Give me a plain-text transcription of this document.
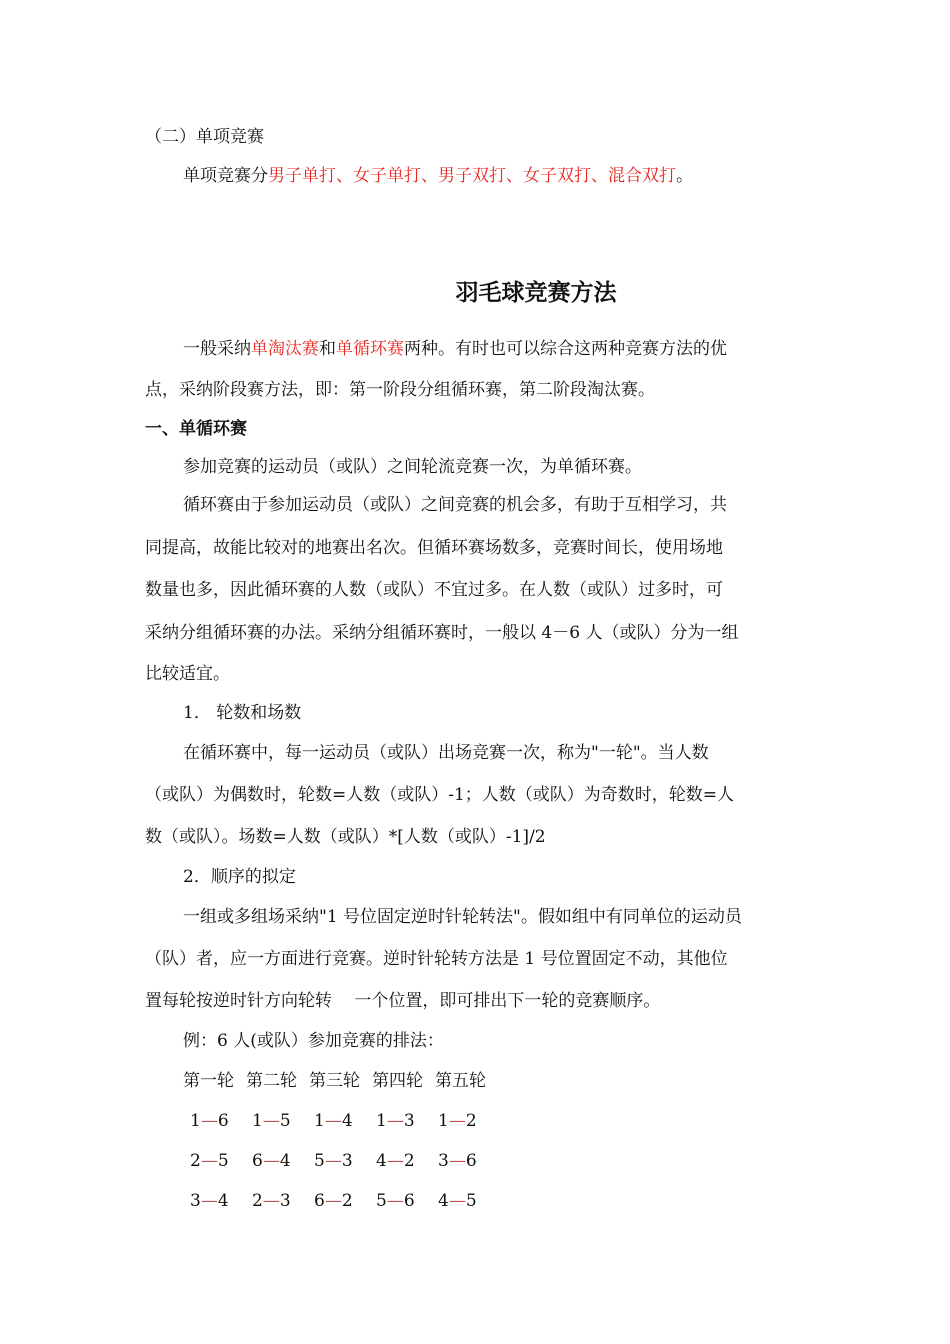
（二）单项竞赛
单项竞赛分男子单打、女子单打、男子双打、女子双打、混合双打。
羽毛球竞赛方法
一般采纳单淘汰赛和单循环赛两种。有时也可以综合这两种竞赛方法的优
点，采纳阶段赛方法，即：第一阶段分组循环赛，第二阶段淘汰赛。
一、单循环赛
参加竞赛的运动员（或队）之间轮流竞赛一次，为单循环赛。
循环赛由于参加运动员（或队）之间竞赛的机会多，有助于互相学习，共
同提高，故能比较对的地赛出名次。但循环赛场数多，竞赛时间长，使用场地
数量也多，因此循环赛的人数（或队）不宜过多。在人数（或队）过多时，可
采纳分组循环赛的办法。采纳分组循环赛时，一般以 4－6 人（或队）分为一组
比较适宜。
1． 轮数和场数
在循环赛中，每一运动员（或队）出场竞赛一次，称为"一轮"。当人数
（或队）为偶数时，轮数=人数（或队）-1；人数（或队）为奇数时，轮数=人
数（或队）。场数=人数（或队）*[人数（或队）-1]/2
2．顺序的拟定
一组或多组场采纳"1 号位固定逆时针轮转法"。假如组中有同单位的运动员
（队）者，应一方面进行竞赛。逆时针轮转方法是 1 号位置固定不动，其他位
置每轮按逆时针方向轮转　 一个位置，即可排出下一轮的竞赛顺序。
例：6 人(或队）参加竞赛的排法：
第一轮 第二轮 第三轮 第四轮 第五轮
1—6 1—5 1—4 1—3 1—2
2—5 6—4 5—3 4—2 3—6
3—4 2—3 6—2 5—6 4—5
